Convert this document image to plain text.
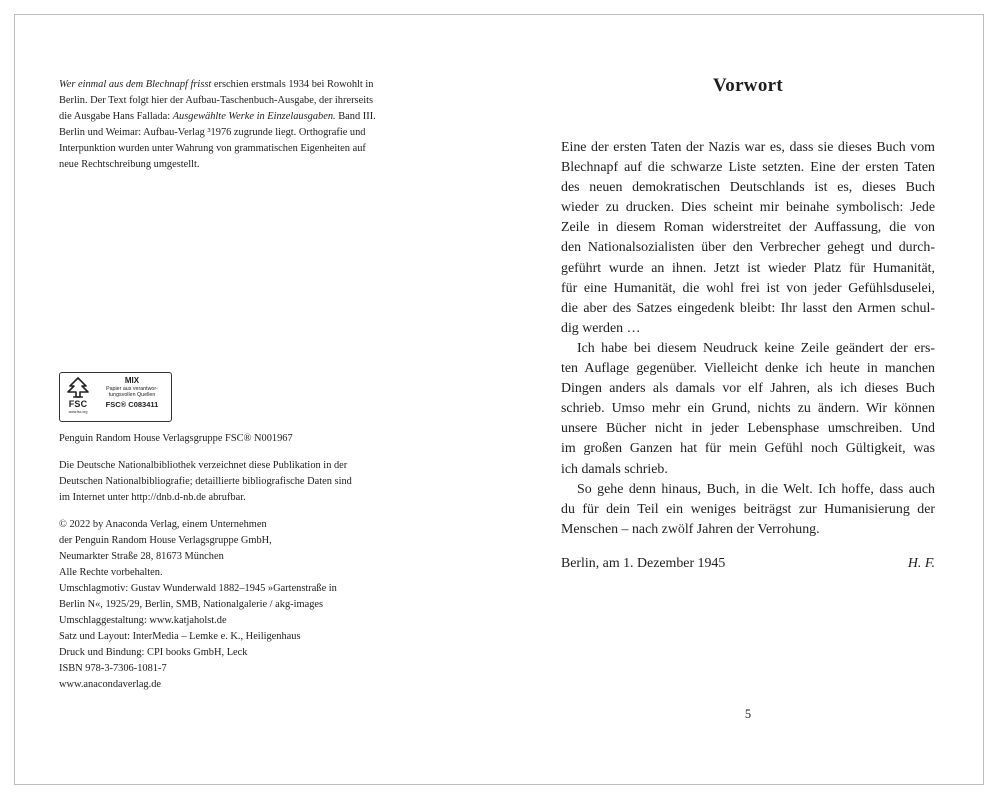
Wer einmal aus dem Blechnapf frisst erschien erstmals 1934 bei Rowohlt in

Berlin. Der Text folgt hier der Aufbau-Taschenbuch-Ausgabe, der ihrerseits

die Ausgabe Hans Fallada: Ausgewählte Werke in Einzelausgaben. Band III.

Berlin und Weimar: Aufbau-Verlag ³1976 zugrunde liegt. Orthografie und

Interpunktion wurden unter Wahrung von grammatischen Eigenheiten auf

neue Rechtschreibung umgestellt.

FSC
www.fsc.org
MIX
Papier aus verantwor-
tungsvollen Quellen
FSC® C083411

Penguin Random House Verlagsgruppe FSC® N001967

Die Deutsche Nationalbibliothek verzeichnet diese Publikation in der

Deutschen Nationalbibliografie; detaillierte bibliografische Daten sind

im Internet unter http://dnb.d-nb.de abrufbar.

© 2022 by Anaconda Verlag, einem Unternehmen

der Penguin Random House Verlagsgruppe GmbH,

Neumarkter Straße 28, 81673 München

Alle Rechte vorbehalten.

Umschlagmotiv: Gustav Wunderwald 1882–1945 »Gartenstraße in

Berlin N«, 1925/29, Berlin, SMB, Nationalgalerie / akg-images

Umschlaggestaltung: www.katjaholst.de

Satz und Layout: InterMedia – Lemke e. K., Heiligenhaus

Druck und Bindung: CPI books GmbH, Leck

ISBN 978-3-7306-1081-7

www.anacondaverlag.de

Vorwort
Eine der ersten Taten der Nazis war es, dass sie dieses Buch vom
Blechnapf auf die schwarze Liste setzten. Eine der ersten Taten
des neuen demokratischen Deutschlands ist es, dieses Buch
wieder zu drucken. Dies scheint mir beinahe symbolisch: Jede
Zeile in diesem Roman widerstreitet der Auffassung, die von
den Nationalsozialisten über den Verbrecher gehegt und durch-
geführt wurde an ihnen. Jetzt ist wieder Platz für Humanität,
für eine Humanität, die wohl frei ist von jeder Gefühlsduselei,
die aber des Satzes eingedenk bleibt: Ihr lasst den Armen schul-
dig werden …
Ich habe bei diesem Neudruck keine Zeile geändert der ers-
ten Auflage gegenüber. Vielleicht denke ich heute in manchen
Dingen anders als damals vor elf Jahren, als ich dieses Buch
schrieb. Umso mehr ein Grund, nichts zu ändern. Wir können
unsere Bücher nicht in jeder Lebensphase umschreiben. Und
im großen Ganzen hat für mein Gefühl noch Gültigkeit, was
ich damals schrieb.
So gehe denn hinaus, Buch, in die Welt. Ich hoffe, dass auch
du für dein Teil ein weniges beiträgst zur Humanisierung der
Menschen – nach zwölf Jahren der Verrohung.
Berlin, am 1. Dezember 1945	H. F.
5
